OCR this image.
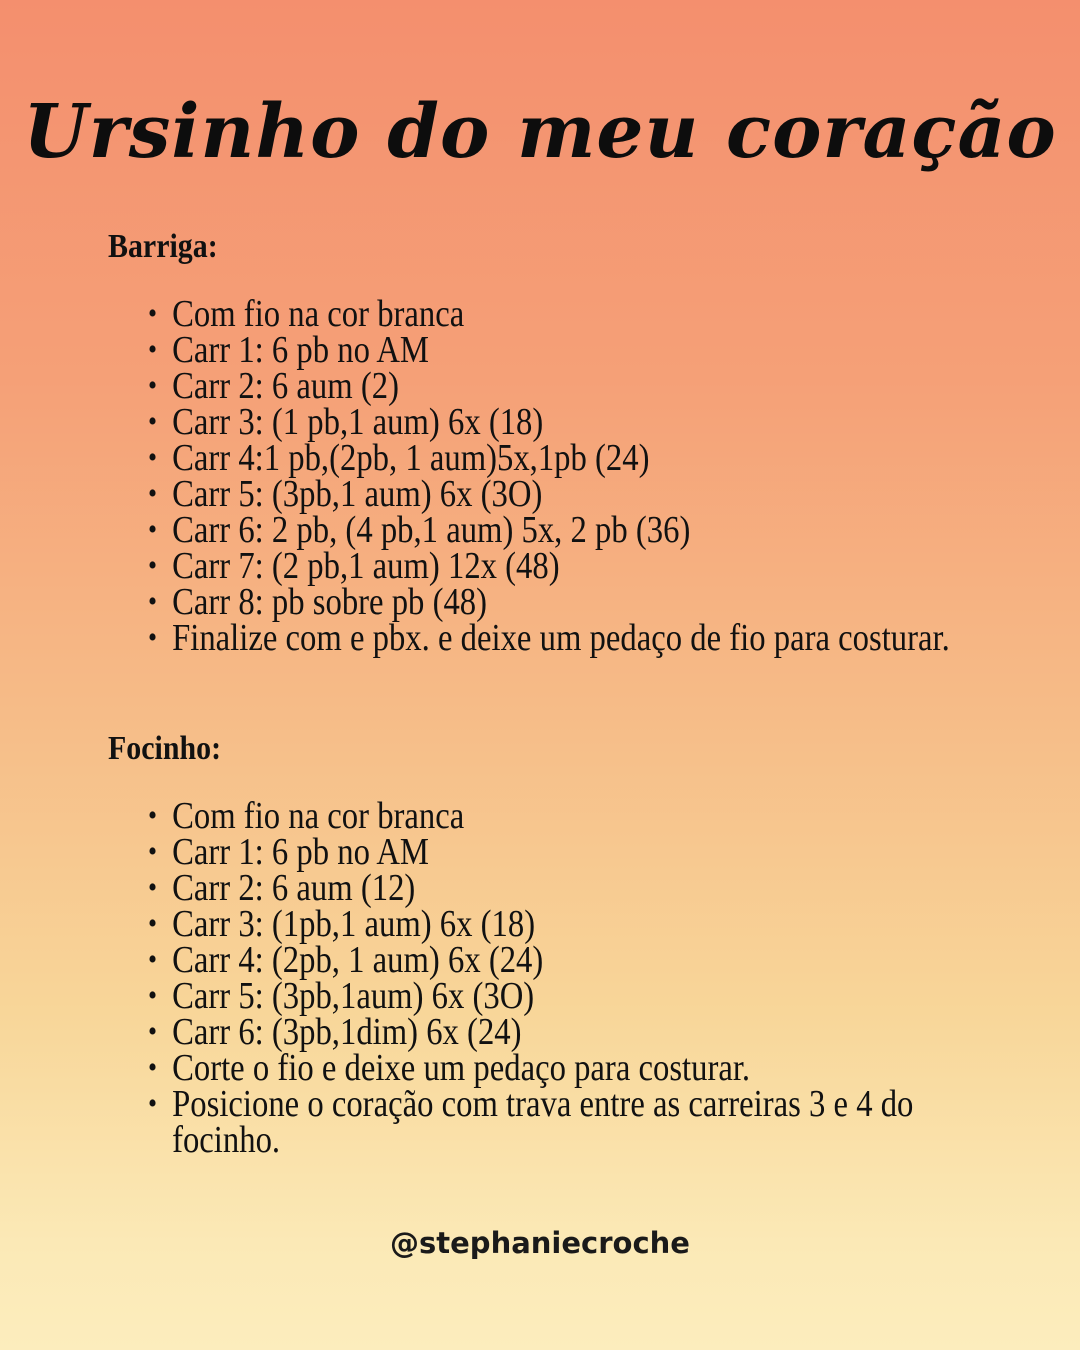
Ursinho do meu coração
Barriga:
• Com fio na cor branca
• Carr 1: 6 pb no AM
• Carr 2: 6 aum (2)
• Carr 3: (1 pb,1 aum) 6x (18)
• Carr 4:1 pb,(2pb, 1 aum)5x,1pb (24)
• Carr 5: (3pb,1 aum) 6x (3O)
• Carr 6: 2 pb, (4 pb,1 aum) 5x, 2 pb (36)
• Carr 7: (2 pb,1 aum) 12x (48)
• Carr 8: pb sobre pb (48)
• Finalize com e pbx. e deixe um pedaço de fio para costurar.
Focinho:
• Com fio na cor branca
• Carr 1: 6 pb no AM
• Carr 2: 6 aum (12)
• Carr 3: (1pb,1 aum) 6x (18)
• Carr 4: (2pb, 1 aum) 6x (24)
• Carr 5: (3pb,1aum) 6x (3O)
• Carr 6: (3pb,1dim) 6x (24)
• Corte o fio e deixe um pedaço para costurar.
• Posicione o coração com trava entre as carreiras 3 e 4 do focinho.
@stephaniecroche
